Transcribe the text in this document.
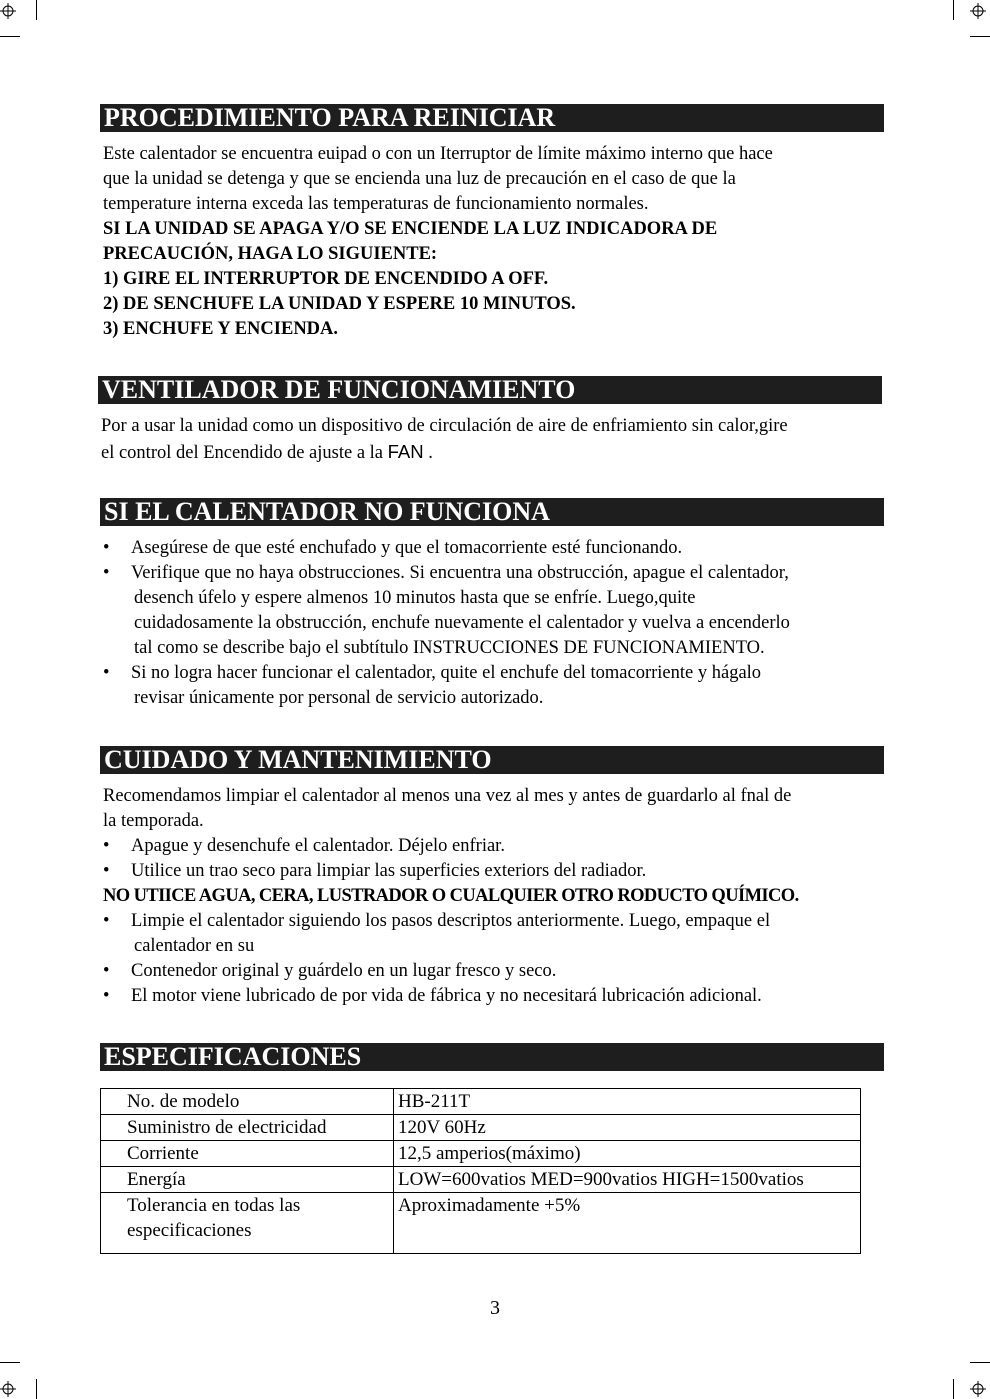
PROCEDIMIENTO PARA REINICIAR
Este calentador se encuentra euipad o con un Iterruptor de límite máximo interno que hace
que la unidad se detenga y que se encienda una luz de precaución en el caso de que la
temperature interna exceda las temperaturas de funcionamiento normales.
SI LA UNIDAD SE APAGA Y/O SE ENCIENDE LA LUZ INDICADORA DE
PRECAUCIÓN, HAGA LO SIGUIENTE:
1) GIRE EL INTERRUPTOR DE ENCENDIDO A OFF.
2) DE SENCHUFE LA UNIDAD Y ESPERE 10 MINUTOS.
3) ENCHUFE Y ENCIENDA.
VENTILADOR DE FUNCIONAMIENTO
Por a usar la unidad como un dispositivo de circulación de aire de enfriamiento sin calor,gire
el control del Encendido de ajuste a la FAN .
SI EL CALENTADOR NO FUNCIONA
• Asegúrese de que esté enchufado y que el tomacorriente esté funcionando.
• Verifique que no haya obstrucciones. Si encuentra una obstrucción, apague el calentador,
desench úfelo y espere almenos 10 minutos hasta que se enfríe. Luego,quite
cuidadosamente la obstrucción, enchufe nuevamente el calentador y vuelva a encenderlo
tal como se describe bajo el subtítulo INSTRUCCIONES DE FUNCIONAMIENTO.
• Si no logra hacer funcionar el calentador, quite el enchufe del tomacorriente y hágalo
revisar únicamente por personal de servicio autorizado.
CUIDADO Y MANTENIMIENTO
Recomendamos limpiar el calentador al menos una vez al mes y antes de guardarlo al fnal de
la temporada.
• Apague y desenchufe el calentador. Déjelo enfriar.
• Utilice un trao seco para limpiar las superficies exteriors del radiador.
NO UTIICE AGUA, CERA, LUSTRADOR O CUALQUIER OTRO RODUCTO QUÍMICO.
• Limpie el calentador siguiendo los pasos descriptos anteriormente. Luego, empaque el
calentador en su
• Contenedor original y guárdelo en un lugar fresco y seco.
• El motor viene lubricado de por vida de fábrica y no necesitará lubricación adicional.
ESPECIFICACIONES
No. de modelo	HB-211T
Suministro de electricidad	120V 60Hz
Corriente	12,5 amperios(máximo)
Energía	LOW=600vatios MED=900vatios HIGH=1500vatios

Tolerancia en todas las
especificaciones	Aproximadamente +5%
3
